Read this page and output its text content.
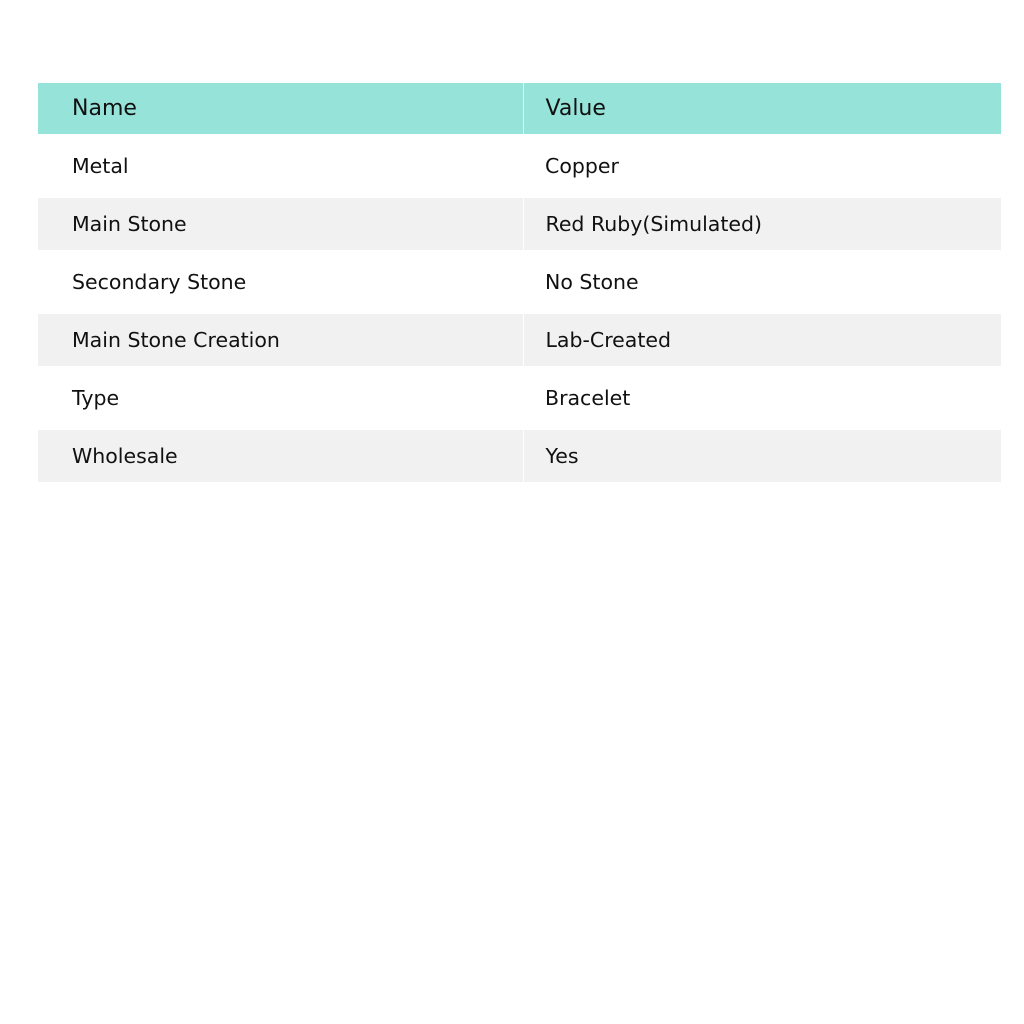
Name	Value
Metal	Copper
Main Stone	Red Ruby(Simulated)
Secondary Stone	No Stone
Main Stone Creation	Lab-Created
Type	Bracelet
Wholesale	Yes
